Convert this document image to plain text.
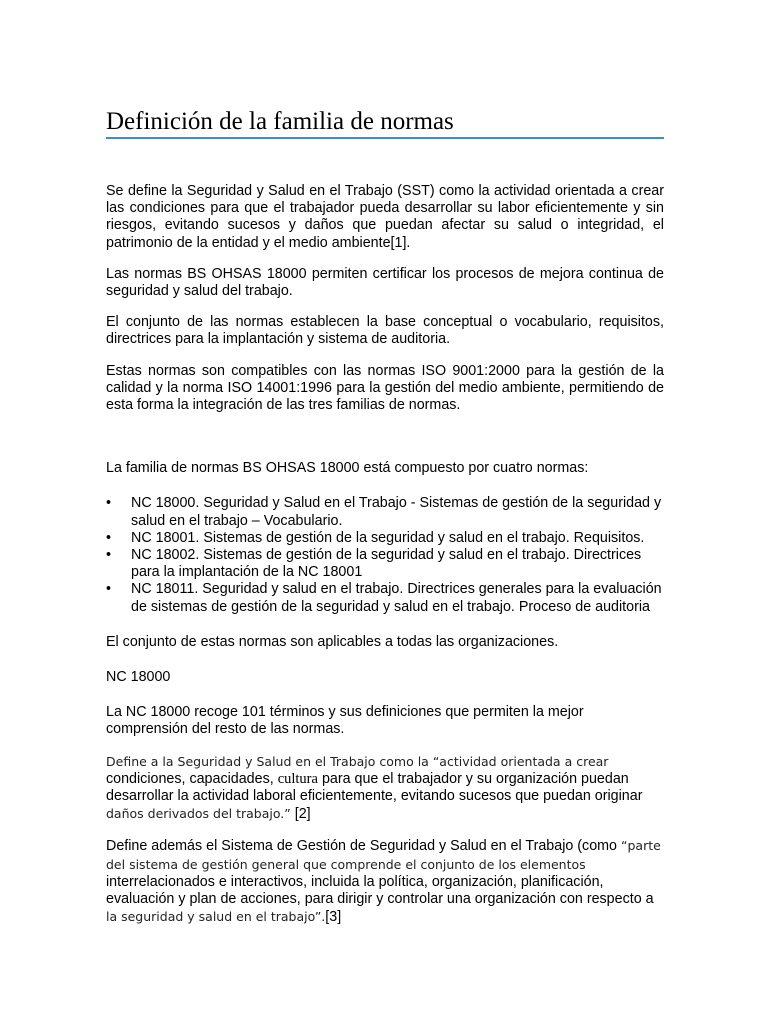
Definición de la familia de normas

Se define la Seguridad y Salud en el Trabajo (SST) como la actividad orientada a crear las condiciones para que el trabajador pueda desarrollar su labor eficientemente y sin riesgos, evitando sucesos y daños que puedan afectar su salud o integridad, el patrimonio de la entidad y el medio ambiente[1].

Las normas BS OHSAS 18000 permiten certificar los procesos de mejora continua de seguridad y salud del trabajo.

El conjunto de las normas establecen la base conceptual o vocabulario, requisitos, directrices para la implantación y sistema de auditoria.

Estas normas son compatibles con las normas ISO 9001:2000 para la gestión de la calidad y la norma ISO 14001:1996 para la gestión del medio ambiente, permitiendo de esta forma la integración de las tres familias de normas.

La familia de normas BS OHSAS 18000 está compuesto por cuatro normas:

• NC 18000. Seguridad y Salud en el Trabajo - Sistemas de gestión de la seguridad y salud en el trabajo – Vocabulario.
• NC 18001. Sistemas de gestión de la seguridad y salud en el trabajo. Requisitos.
• NC 18002. Sistemas de gestión de la seguridad y salud en el trabajo. Directrices para la implantación de la NC 18001
• NC 18011. Seguridad y salud en el trabajo. Directrices generales para la evaluación de sistemas de gestión de la seguridad y salud en el trabajo. Proceso de auditoria

El conjunto de estas normas son aplicables a todas las organizaciones.

NC 18000

La NC 18000 recoge 101 términos y sus definiciones que permiten la mejor comprensión del resto de las normas.

Define a la Seguridad y Salud en el Trabajo como la “actividad orientada a crear condiciones, capacidades, cultura para que el trabajador y su organización puedan desarrollar la actividad laboral eficientemente, evitando sucesos que puedan originar daños derivados del trabajo.” [2]

Define además el Sistema de Gestión de Seguridad y Salud en el Trabajo (como “parte del sistema de gestión general que comprende el conjunto de los elementos interrelacionados e interactivos, incluida la política, organización, planificación, evaluación y plan de acciones, para dirigir y controlar una organización con respecto a la seguridad y salud en el trabajo”.[3]
